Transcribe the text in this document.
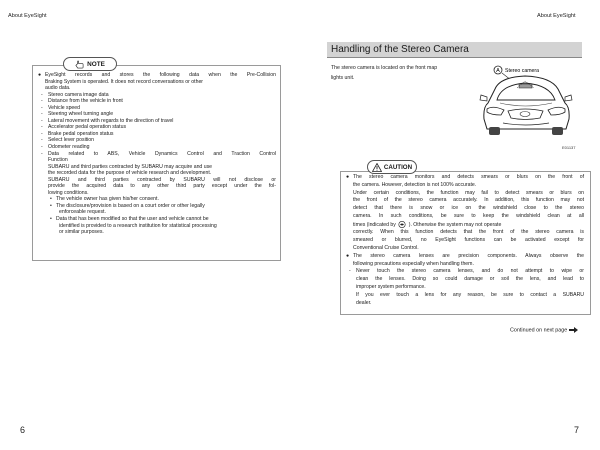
About EyeSight	About EyeSight
NOTE
● EyeSight records and stores the following data when the Pre-Collision
Braking System is operated. It does not record conversations or other
audio data.
- Stereo camera image data
- Distance from the vehicle in front
- Vehicle speed
- Steering wheel turning angle
- Lateral movement with regards to the direction of travel
- Accelerator pedal operation status
- Brake pedal operation status
- Select lever position
- Odometer reading
- Data related to ABS, Vehicle Dynamics Control and Traction Control
Function
SUBARU and third parties contracted by SUBARU may acquire and use
the recorded data for the purpose of vehicle research and development.
SUBARU and third parties contracted by SUBARU will not disclose or
provide the acquired data to any other third party except under the fol-
lowing conditions.
• The vehicle owner has given his/her consent.
• The disclosure/provision is based on a court order or other legally
enforceable request.
• Data that has been modified so that the user and vehicle cannot be
identified is provided to a research institution for statistical processing
or similar purposes.
Handling of the Stereo Camera
The stereo camera is located on the front map
lights unit.
A Stereo camera
E01137
CAUTION
● The stereo camera monitors and detects smears or blurs on the front of
the camera. However, detection is not 100% accurate.
Under certain conditions, the function may fail to detect smears or blurs on
the front of the stereo camera accurately. In addition, this function may not
detect that there is snow or ice on the windshield close to the stereo
camera. In such conditions, be sure to keep the windshield clean at all
times (indicated by	). Otherwise the system may not operate
correctly. When this function detects that the front of the stereo camera is
smeared or blurred, no EyeSight functions can be activated except for
Conventional Cruise Control.
● The stereo camera lenses are precision components. Always observe the
following precautions especially when handling them.
- Never touch the stereo camera lenses, and do not attempt to wipe or
clean the lenses. Doing so could damage or soil the lens, and lead to
improper system performance.
If you ever touch a lens for any reason, be sure to contact a SUBARU
dealer.
Continued on next page
6	7
